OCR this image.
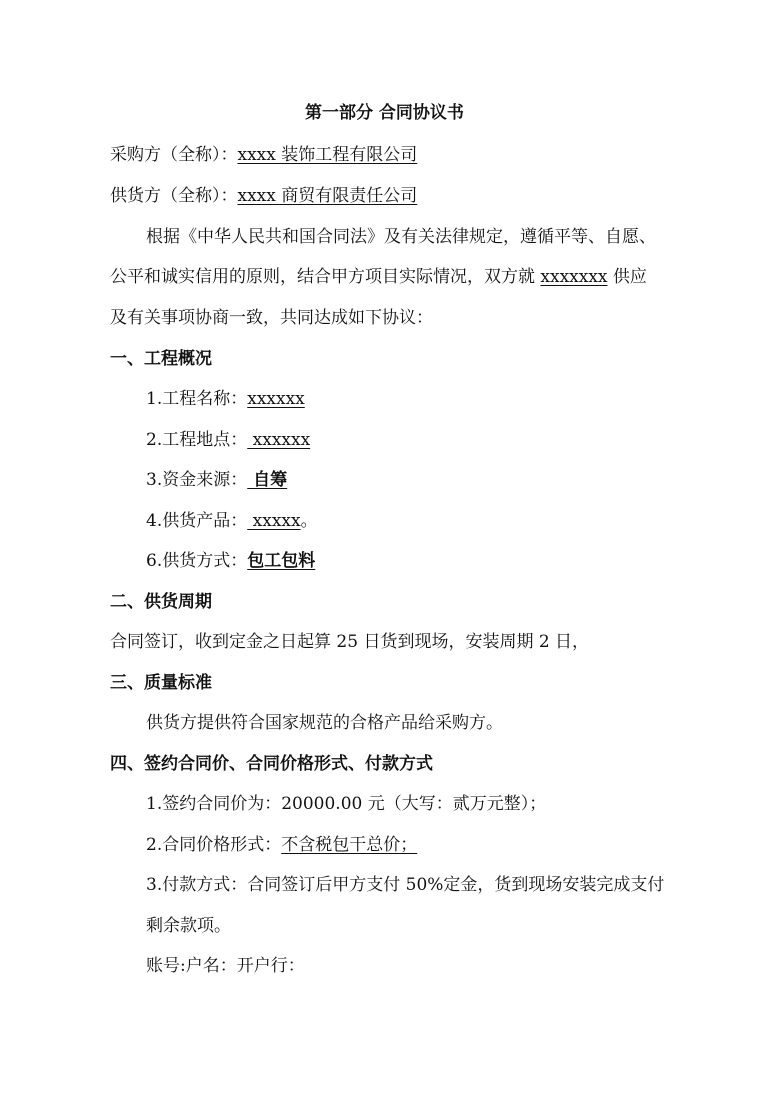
第一部分 合同协议书
采购方（全称）：xxxx 装饰工程有限公司
供货方（全称）：xxxx 商贸有限责任公司
根据《中华人民共和国合同法》及有关法律规定，遵循平等、自愿、
公平和诚实信用的原则，结合甲方项目实际情况，双方就 xxxxxxx 供应
及有关事项协商一致，共同达成如下协议：
一、工程概况
1.工程名称：xxxxxx
2.工程地点： xxxxxx
3.资金来源： 自筹
4.供货产品： xxxxx。
6.供货方式：包工包料
二、供货周期
合同签订，收到定金之日起算 25 日货到现场，安装周期 2 日，
三、质量标准
供货方提供符合国家规范的合格产品给采购方。
四、签约合同价、合同价格形式、付款方式
1.签约合同价为：20000.00 元（大写：贰万元整）；
2.合同价格形式：不含税包干总价；
3.付款方式：合同签订后甲方支付 50%定金，货到现场安装完成支付
剩余款项。
账号:户名：开户行：
